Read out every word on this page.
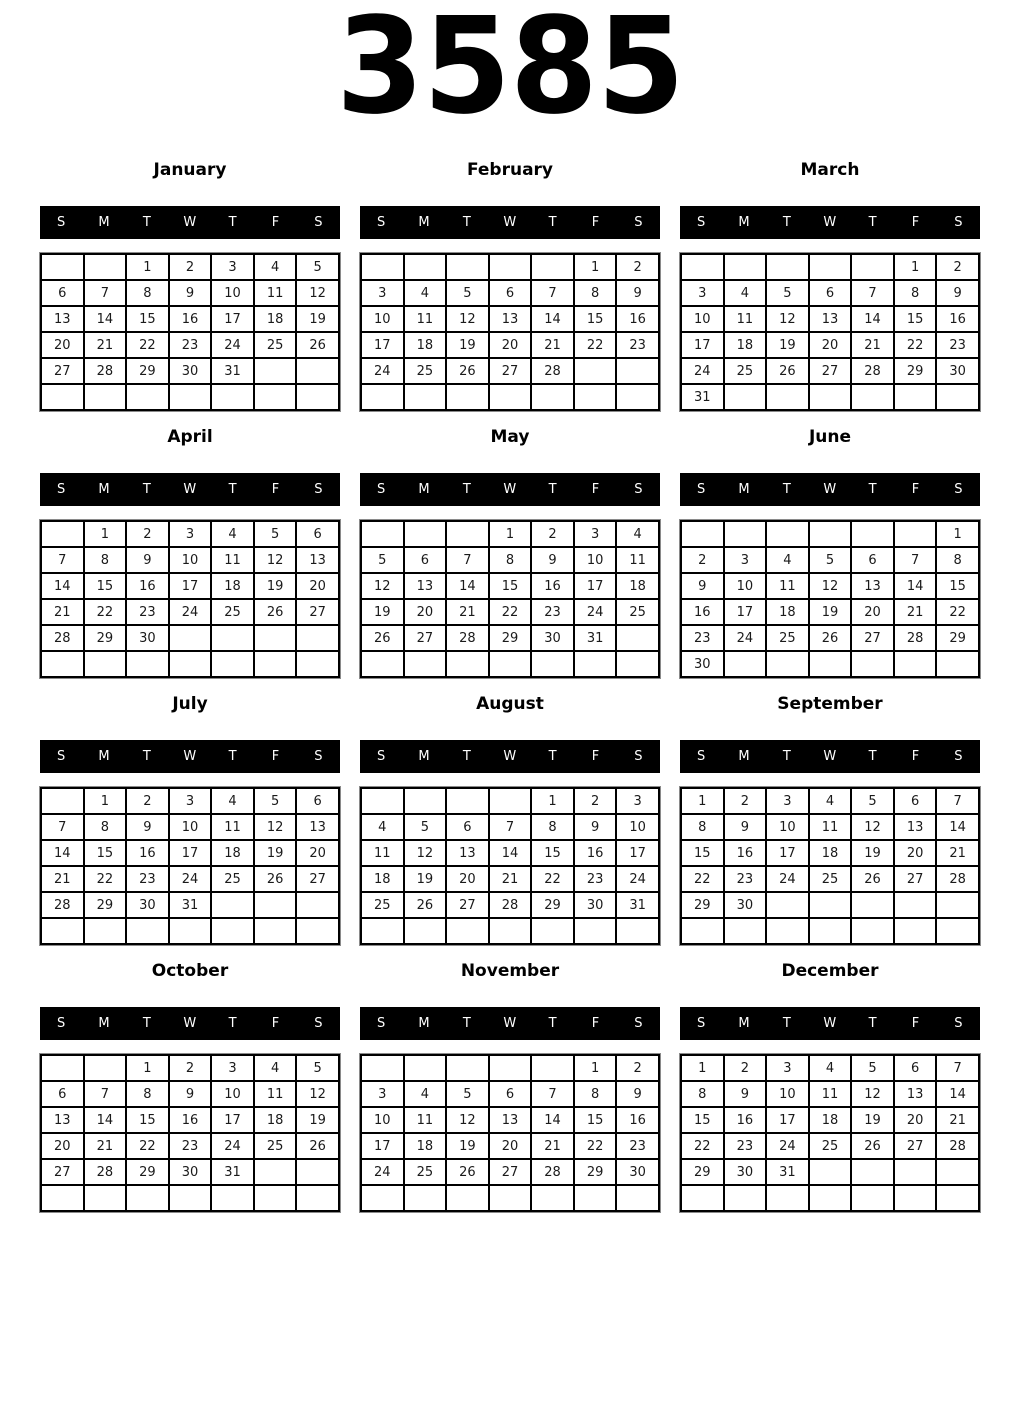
3585
January
S	M	T	W	T	F	S
		1	2	3	4	5
6	7	8	9	10	11	12
13	14	15	16	17	18	19
20	21	22	23	24	25	26
27	28	29	30	31		

February
S	M	T	W	T	F	S
					1	2
3	4	5	6	7	8	9
10	11	12	13	14	15	16
17	18	19	20	21	22	23
24	25	26	27	28		

March
S	M	T	W	T	F	S
					1	2
3	4	5	6	7	8	9
10	11	12	13	14	15	16
17	18	19	20	21	22	23
24	25	26	27	28	29	30
31						
April
S	M	T	W	T	F	S
	1	2	3	4	5	6
7	8	9	10	11	12	13
14	15	16	17	18	19	20
21	22	23	24	25	26	27
28	29	30				

May
S	M	T	W	T	F	S
			1	2	3	4
5	6	7	8	9	10	11
12	13	14	15	16	17	18
19	20	21	22	23	24	25
26	27	28	29	30	31	

June
S	M	T	W	T	F	S
						1
2	3	4	5	6	7	8
9	10	11	12	13	14	15
16	17	18	19	20	21	22
23	24	25	26	27	28	29
30						
July
S	M	T	W	T	F	S
	1	2	3	4	5	6
7	8	9	10	11	12	13
14	15	16	17	18	19	20
21	22	23	24	25	26	27
28	29	30	31			

August
S	M	T	W	T	F	S
				1	2	3
4	5	6	7	8	9	10
11	12	13	14	15	16	17
18	19	20	21	22	23	24
25	26	27	28	29	30	31

September
S	M	T	W	T	F	S
1	2	3	4	5	6	7
8	9	10	11	12	13	14
15	16	17	18	19	20	21
22	23	24	25	26	27	28
29	30					

October
S	M	T	W	T	F	S
		1	2	3	4	5
6	7	8	9	10	11	12
13	14	15	16	17	18	19
20	21	22	23	24	25	26
27	28	29	30	31		

November
S	M	T	W	T	F	S
					1	2
3	4	5	6	7	8	9
10	11	12	13	14	15	16
17	18	19	20	21	22	23
24	25	26	27	28	29	30

December
S	M	T	W	T	F	S
1	2	3	4	5	6	7
8	9	10	11	12	13	14
15	16	17	18	19	20	21
22	23	24	25	26	27	28
29	30	31				
